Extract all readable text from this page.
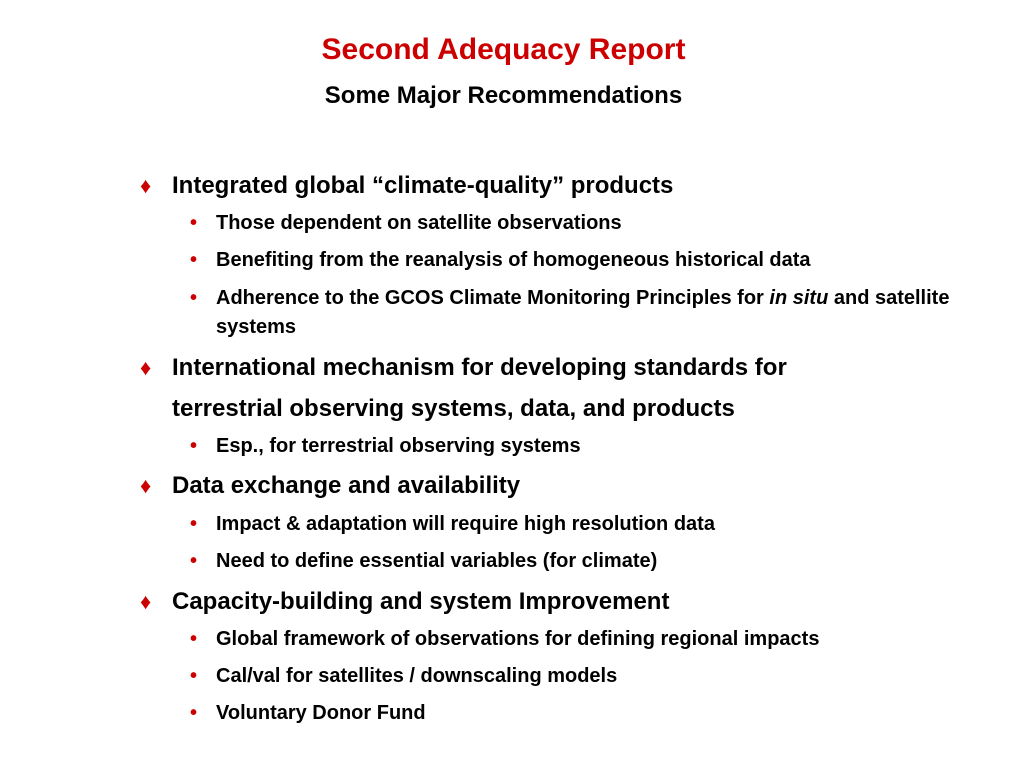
Second Adequacy Report
Some Major Recommendations
♦ Integrated global “climate-quality” products
• Those dependent on satellite observations
• Benefiting from the reanalysis of homogeneous historical data
• Adherence to the GCOS Climate Monitoring Principles for in situ and satellite systems
♦ International mechanism for developing standards for
terrestrial observing systems, data, and products
• Esp., for terrestrial observing systems
♦ Data exchange and availability
• Impact & adaptation will require high resolution data
• Need to define essential variables (for climate)
♦ Capacity-building and system Improvement
• Global framework of observations for defining regional impacts
• Cal/val for satellites / downscaling models
• Voluntary Donor Fund
